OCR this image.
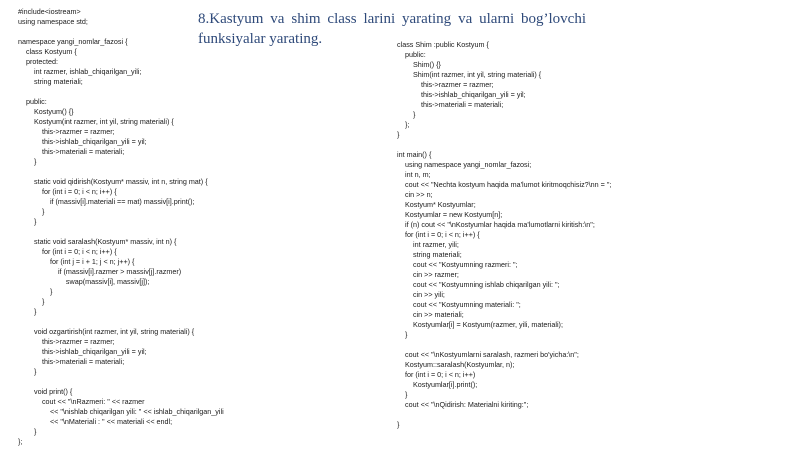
8.Kastyum va shim class larini yarating va ularni bog’lovchi funksiyalar yarating.
#include<iostream>
using namespace std;
namespace yangi_nomlar_fazosi {
class Kostyum {
protected:
int razmer, ishlab_chiqarilgan_yili;
string materiali;
public:
Kostyum() {}
Kostyum(int razmer, int yil, string materiali) {
this->razmer = razmer;
this->ishlab_chiqarilgan_yili = yil;
this->materiali = materiali;
}
static void qidirish(Kostyum* massiv, int n, string mat) {
for (int i = 0; i < n; i++) {
if (massiv[i].materiali == mat) massiv[i].print();
}
}
static void saralash(Kostyum* massiv, int n) {
for (int i = 0; i < n; i++) {
for (int j = i + 1; j < n; j++) {
if (massiv[i].razmer > massiv[j].razmer)
swap(massiv[i], massiv[j]);
}
}
}
void ozgartirish(int razmer, int yil, string materiali) {
this->razmer = razmer;
this->ishlab_chiqarilgan_yili = yil;
this->materiali = materiali;
}
void print() {
cout << "\nRazmeri: " << razmer
<< "\nishlab chiqarilgan yili: " << ishlab_chiqarilgan_yili
<< "\nMateriali : " << materiali << endl;
}
};
class Shim :public Kostyum {
public:
Shim() {}
Shim(int razmer, int yil, string materiali) {
this->razmer = razmer;
this->ishlab_chiqarilgan_yili = yil;
this->materiali = materiali;
}
};
}
int main() {
using namespace yangi_nomlar_fazosi;
int n, m;
cout << "Nechta kostyum haqida ma'lumot kiritmoqchisiz?\nn = ";
cin >> n;
Kostyum* Kostyumlar;
Kostyumlar = new Kostyum[n];
if (n) cout << "\nKostyumlar haqida ma'lumotlarni kiritish:\n";
for (int i = 0; i < n; i++) {
int razmer, yili;
string materiali;
cout << "Kostyumning razmeri: ";
cin >> razmer;
cout << "Kostyumning ishlab chiqarilgan yili: ";
cin >> yili;
cout << "Kostyumning materiali: ";
cin >> materiali;
Kostyumlar[i] = Kostyum(razmer, yili, materiali);
}
cout << "\nKostyumlarni saralash, razmeri bo'yicha:\n";
Kostyum::saralash(Kostyumlar, n);
for (int i = 0; i < n; i++)
Kostyumlar[i].print();
}
cout << "\nQidirish: Materialni kiriting:";
}
